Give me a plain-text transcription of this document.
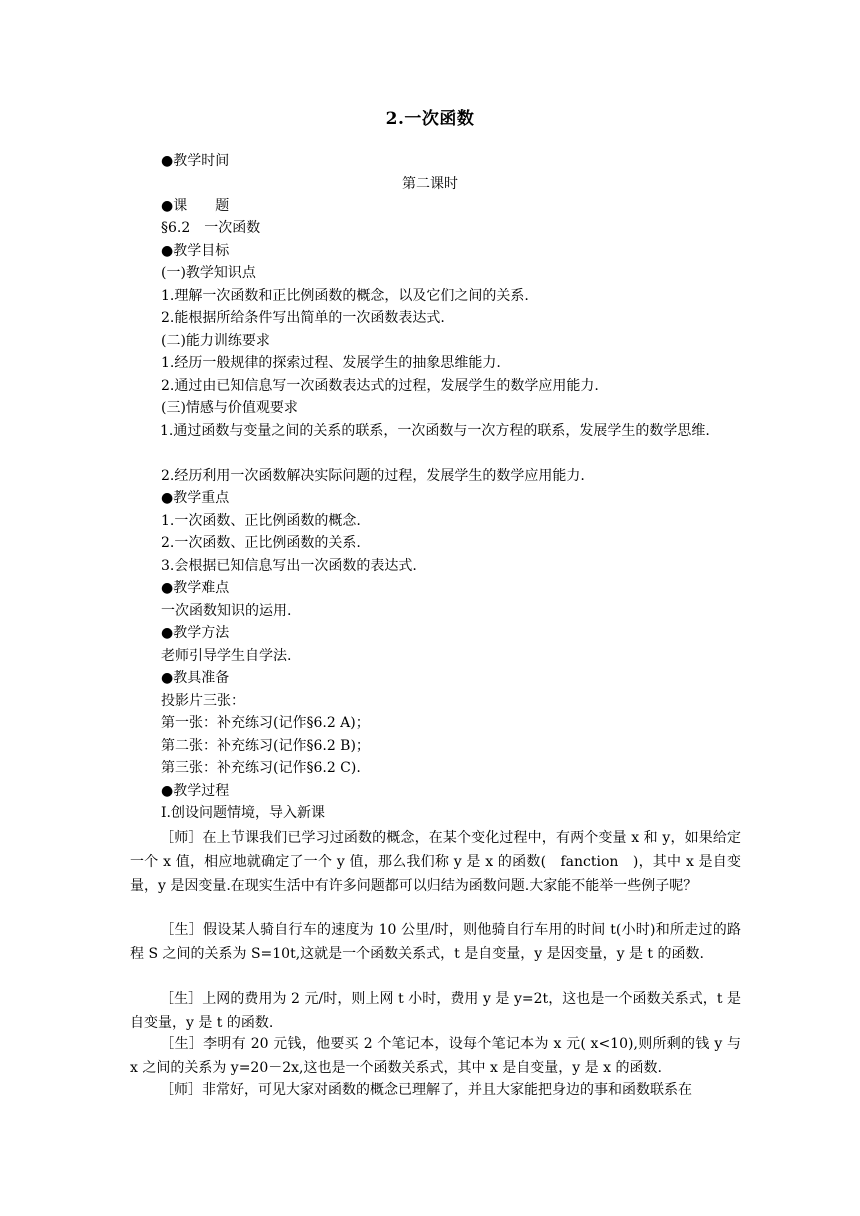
2.一次函数
●教学时间
第二课时
●课　　题
§6.2　一次函数
●教学目标
(一)教学知识点
1.理解一次函数和正比例函数的概念，以及它们之间的关系.
2.能根据所给条件写出简单的一次函数表达式.
(二)能力训练要求
1.经历一般规律的探索过程、发展学生的抽象思维能力.
2.通过由已知信息写一次函数表达式的过程，发展学生的数学应用能力.
(三)情感与价值观要求
1.通过函数与变量之间的关系的联系，一次函数与一次方程的联系，发展学生的数学思维.
2.经历利用一次函数解决实际问题的过程，发展学生的数学应用能力.
●教学重点
1.一次函数、正比例函数的概念.
2.一次函数、正比例函数的关系.
3.会根据已知信息写出一次函数的表达式.
●教学难点
一次函数知识的运用.
●教学方法
老师引导学生自学法.
●教具准备
投影片三张：
第一张：补充练习(记作§6.2 A)；
第二张：补充练习(记作§6.2 B)；
第三张：补充练习(记作§6.2 C).
●教学过程
Ⅰ.创设问题情境，导入新课
［师］在上节课我们已学习过函数的概念，在某个变化过程中，有两个变量 x 和 y，如果给定一个 x 值，相应地就确定了一个 y 值，那么我们称 y 是 x 的函数(　fanction　)，其中 x 是自变量，y 是因变量.在现实生活中有许多问题都可以归结为函数问题.大家能不能举一些例子呢？
［生］假设某人骑自行车的速度为 10 公里/时，则他骑自行车用的时间 t(小时)和所走过的路程 S 之间的关系为 S=10t,这就是一个函数关系式，t 是自变量，y 是因变量，y 是 t 的函数.
［生］上网的费用为 2 元/时，则上网 t 小时，费用 y 是 y=2t，这也是一个函数关系式，t 是自变量，y 是 t 的函数.
［生］李明有 20 元钱，他要买 2 个笔记本，设每个笔记本为 x 元( x<10),则所剩的钱 y 与 x 之间的关系为 y=20－2x,这也是一个函数关系式，其中 x 是自变量，y 是 x 的函数.
［师］非常好，可见大家对函数的概念已理解了，并且大家能把身边的事和函数联系在
